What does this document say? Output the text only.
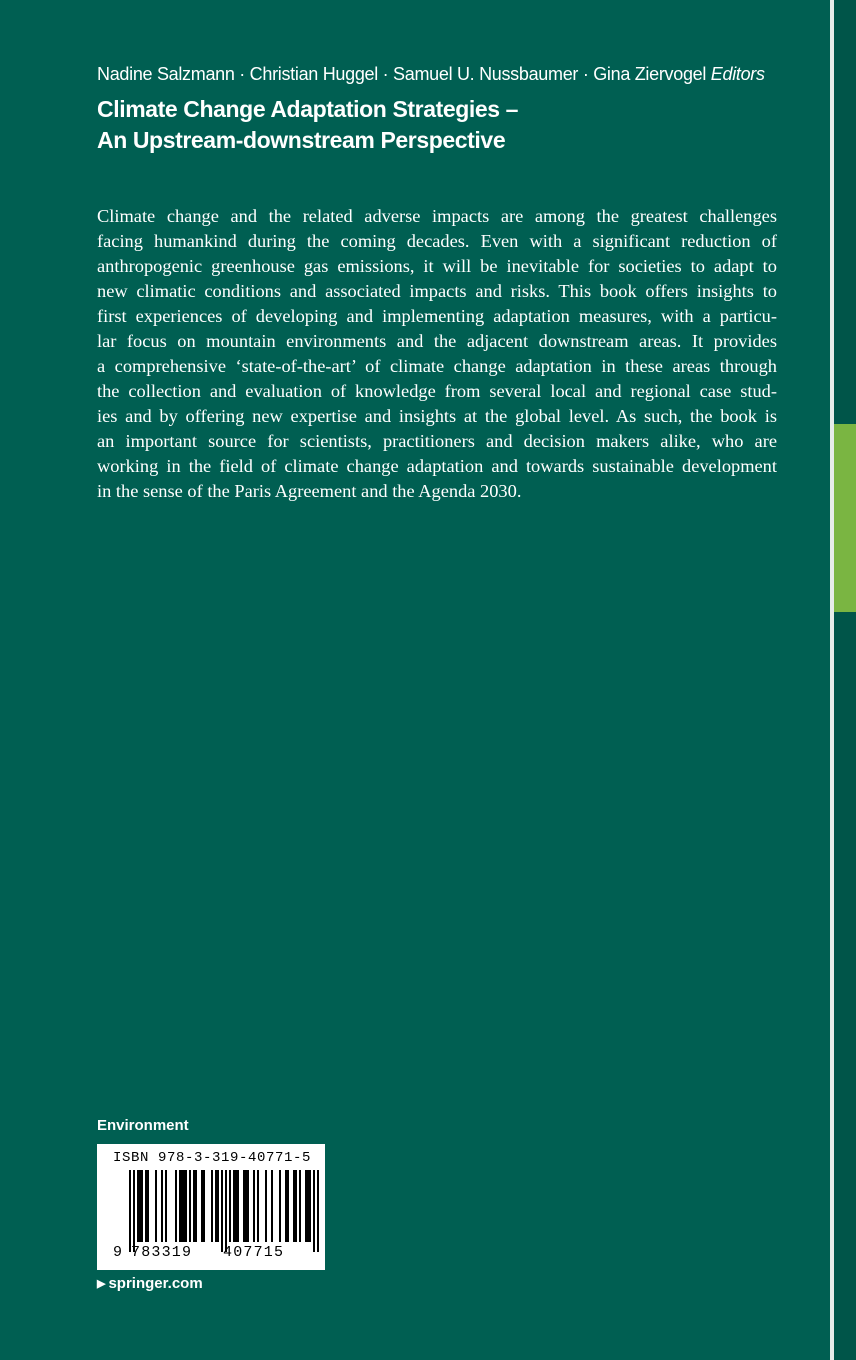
Nadine Salzmann · Christian Huggel · Samuel U. Nussbaumer · Gina Ziervogel Editors
Climate Change Adaptation Strategies –
An Upstream-downstream Perspective
Climate change and the related adverse impacts are among the greatest challenges
facing humankind during the coming decades. Even with a significant reduction of
anthropogenic greenhouse gas emissions, it will be inevitable for societies to adapt to
new climatic conditions and associated impacts and risks. This book offers insights to
first experiences of developing and implementing adaptation measures, with a particu-
lar focus on mountain environments and the adjacent downstream areas. It provides
a comprehensive ‘state-of-the-art’ of climate change adaptation in these areas through
the collection and evaluation of knowledge from several local and regional case stud-
ies and by offering new expertise and insights at the global level. As such, the book is
an important source for scientists, practitioners and decision makers alike, who are
working in the field of climate change adaptation and towards sustainable development
in the sense of the Paris Agreement and the Agenda 2030.
Environment
ISBN 978-3-319-40771-5
9 783319 407715
▶ springer.com
